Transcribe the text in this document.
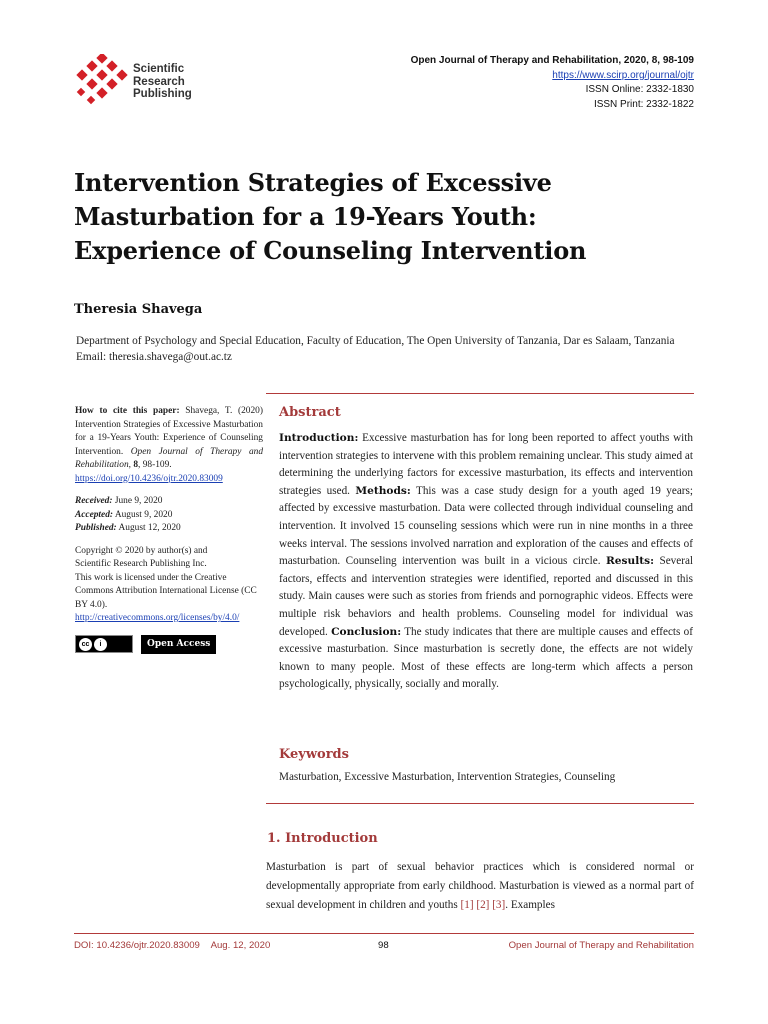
Scientific
Research
Publishing
Open Journal of Therapy and Rehabilitation, 2020, 8, 98-109
https://www.scirp.org/journal/ojtr
ISSN Online: 2332-1830
ISSN Print: 2332-1822
Intervention Strategies of Excessive
Masturbation for a 19-Years Youth:
Experience of Counseling Intervention
Theresia Shavega
Department of Psychology and Special Education, Faculty of Education, The Open University of Tanzania, Dar es Salaam, Tanzania
Email: theresia.shavega@out.ac.tz

How to cite this paper: Shavega, T. (2020) Intervention Strategies of Excessive Masturbation for a 19-Years Youth: Experience of Counseling Intervention. Open Journal of Therapy and Rehabilitation, 8, 98-109.
https://doi.org/10.4236/ojtr.2020.83009

Received: June 9, 2020
Accepted: August 9, 2020
Published: August 12, 2020

Copyright © 2020 by author(s) and
Scientific Research Publishing Inc.
This work is licensed under the Creative Commons Attribution International License (CC BY 4.0).
http://creativecommons.org/licenses/by/4.0/

cc	i	Open Access
Abstract
Introduction: Excessive masturbation has for long been reported to affect youths with intervention strategies to intervene with this problem remaining unclear. This study aimed at determining the underlying factors for excessive masturbation, its effects and intervention strategies used. Methods: This was a case study design for a youth aged 19 years; affected by excessive masturbation. Data were collected through individual counseling and intervention. It involved 15 counseling sessions which were run in nine months in a three weeks interval. The sessions involved narration and exploration of the causes and effects of masturbation. Counseling intervention was built in a vicious circle. Results: Several factors, effects and intervention strategies were identified, reported and discussed in this study. Main causes were such as stories from friends and pornographic videos. Effects were multiple risk behaviors and health problems. Counseling model for individual was developed. Conclusion: The study indicates that there are multiple causes and effects of excessive masturbation. Since masturbation is secretly done, the effects are not widely known to many people. Most of these effects are long-term which affects a person psychologically, physically, socially and morally.
Keywords
Masturbation, Excessive Masturbation, Intervention Strategies, Counseling
1. Introduction
Masturbation is part of sexual behavior practices which is considered normal or developmentally appropriate from early childhood. Masturbation is viewed as a normal part of sexual development in children and youths [1] [2] [3]. Examples
DOI: 10.4236/ojtr.2020.83009 Aug. 12, 2020	98	Open Journal of Therapy and Rehabilitation
